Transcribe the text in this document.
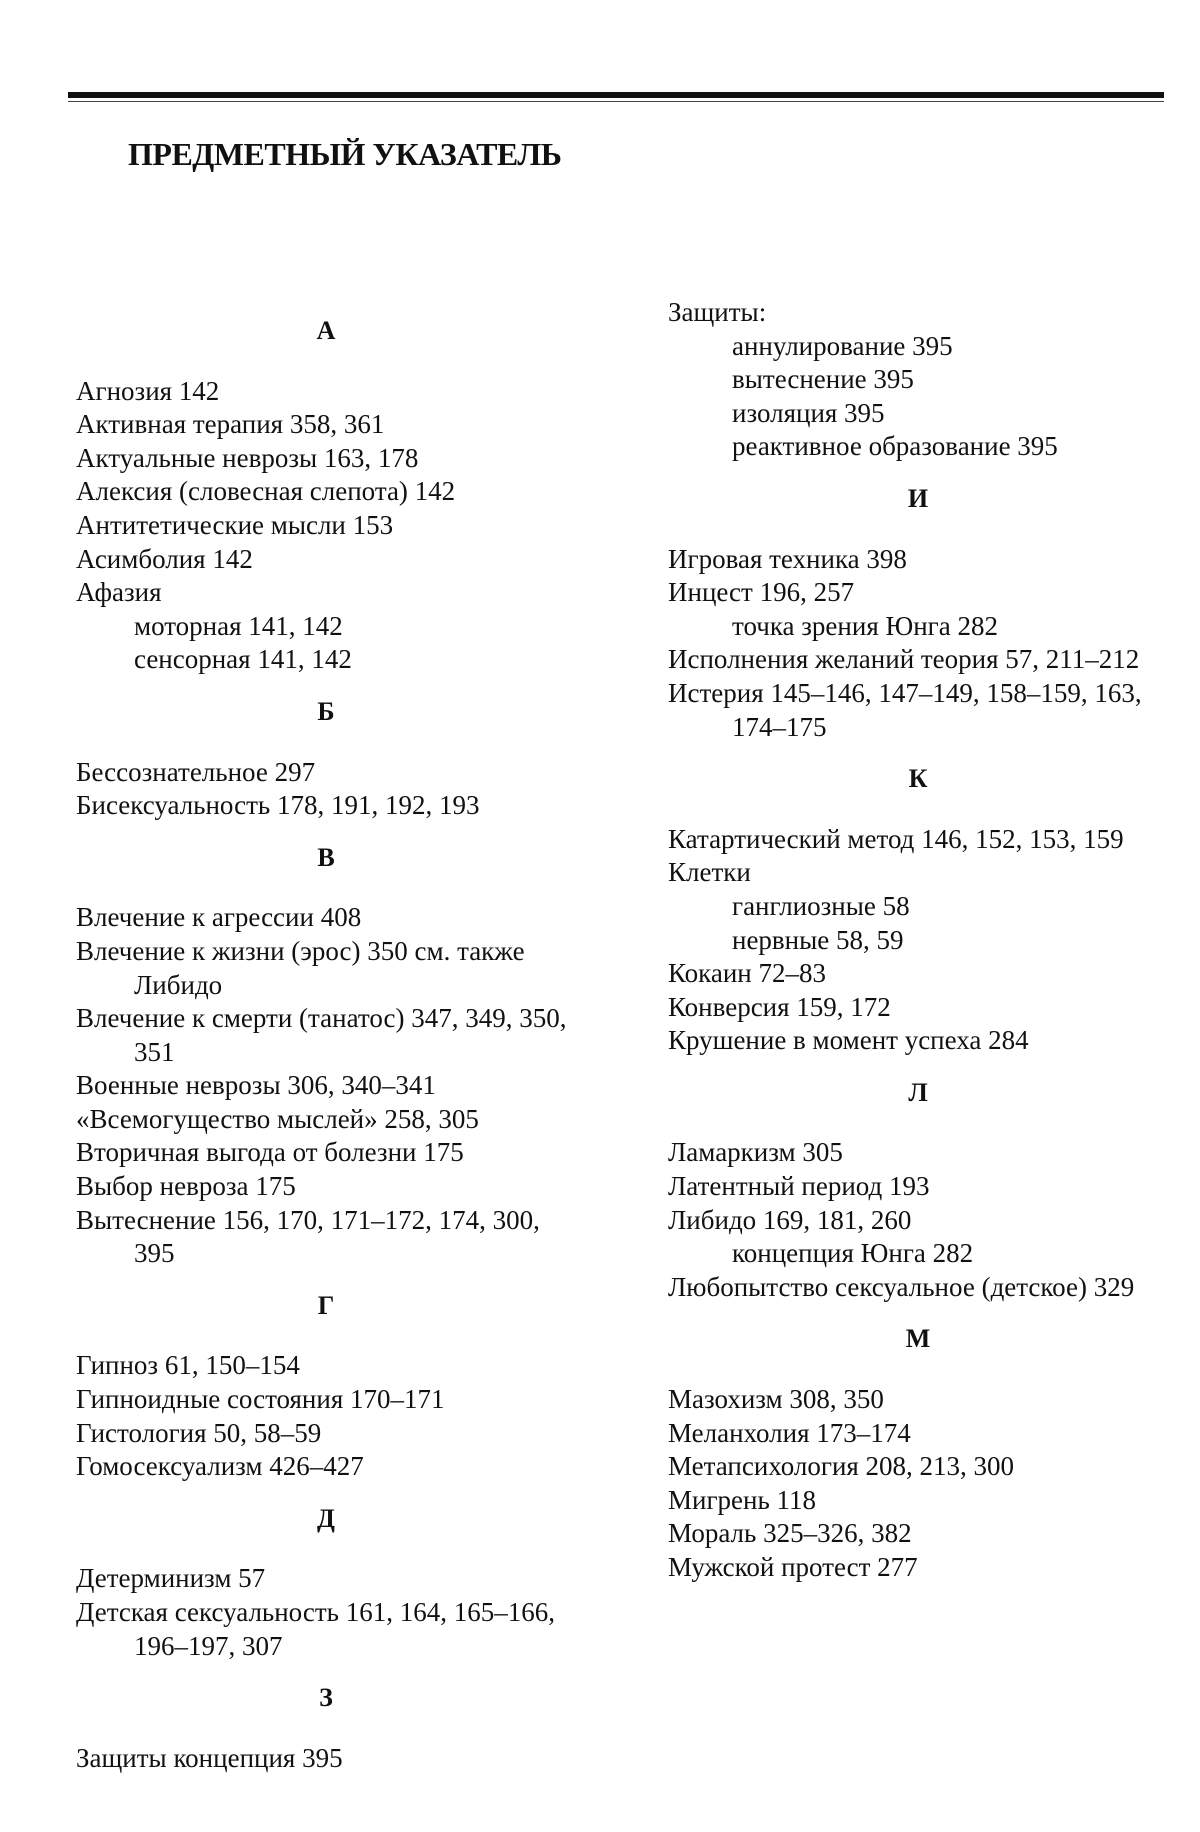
ПРЕДМЕТНЫЙ УКАЗАТЕЛЬ
А
Агнозия 142
Активная терапия 358, 361
Актуальные неврозы 163, 178
Алексия (словесная слепота) 142
Антитетические мысли 153
Асимболия 142
Афазия
моторная 141, 142
сенсорная 141, 142
Б
Бессознательное 297
Бисексуальность 178, 191, 192, 193
В
Влечение к агрессии 408
Влечение к жизни (эрос) 350 см. также Либидо
Влечение к смерти (танатос) 347, 349, 350, 351
Военные неврозы 306, 340–341
«Всемогущество мыслей» 258, 305
Вторичная выгода от болезни 175
Выбор невроза 175
Вытеснение 156, 170, 171–172, 174, 300, 395
Г
Гипноз 61, 150–154
Гипноидные состояния 170–171
Гистология 50, 58–59
Гомосексуализм 426–427
Д
Детерминизм 57
Детская сексуальность 161, 164, 165–166, 196–197, 307
З
Защиты концепция 395
Защиты:
аннулирование 395
вытеснение 395
изоляция 395
реактивное образование 395
И
Игровая техника 398
Инцест 196, 257
точка зрения Юнга 282
Исполнения желаний теория 57, 211–212
Истерия 145–146, 147–149, 158–159, 163, 174–175
К
Катартический метод 146, 152, 153, 159
Клетки
ганглиозные 58
нервные 58, 59
Кокаин 72–83
Конверсия 159, 172
Крушение в момент успеха 284
Л
Ламаркизм 305
Латентный период 193
Либидо 169, 181, 260
концепция Юнга 282
Любопытство сексуальное (детское) 329
М
Мазохизм 308, 350
Меланхолия 173–174
Метапсихология 208, 213, 300
Мигрень 118
Мораль 325–326, 382
Мужской протест 277
